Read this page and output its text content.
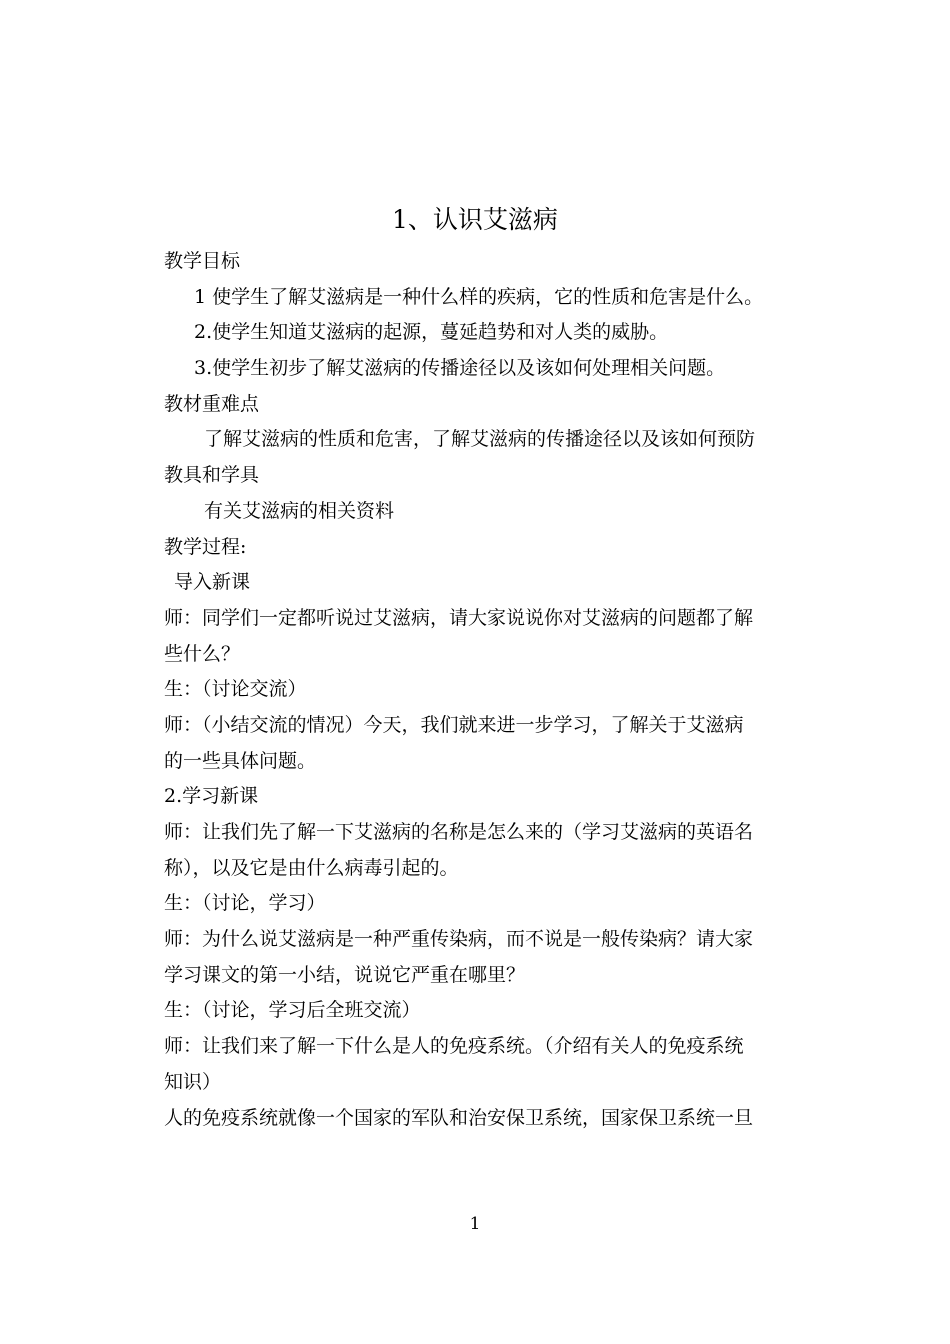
1、认识艾滋病

教学目标

1 使学生了解艾滋病是一种什么样的疾病，它的性质和危害是什么。

2.使学生知道艾滋病的起源，蔓延趋势和对人类的威胁。

3.使学生初步了解艾滋病的传播途径以及该如何处理相关问题。

教材重难点

了解艾滋病的性质和危害，了解艾滋病的传播途径以及该如何预防

教具和学具

有关艾滋病的相关资料

教学过程:

导入新课

师：同学们一定都听说过艾滋病，请大家说说你对艾滋病的问题都了解

些什么？

生：（讨论交流）

师：（小结交流的情况）今天，我们就来进一步学习，了解关于艾滋病

的一些具体问题。

2.学习新课

师：让我们先了解一下艾滋病的名称是怎么来的（学习艾滋病的英语名

称），以及它是由什么病毒引起的。

生：（讨论，学习）

师：为什么说艾滋病是一种严重传染病，而不说是一般传染病？请大家

学习课文的第一小结，说说它严重在哪里？

生：（讨论，学习后全班交流）

师：让我们来了解一下什么是人的免疫系统。（介绍有关人的免疫系统

知识）

人的免疫系统就像一个国家的军队和治安保卫系统，国家保卫系统一旦

1
